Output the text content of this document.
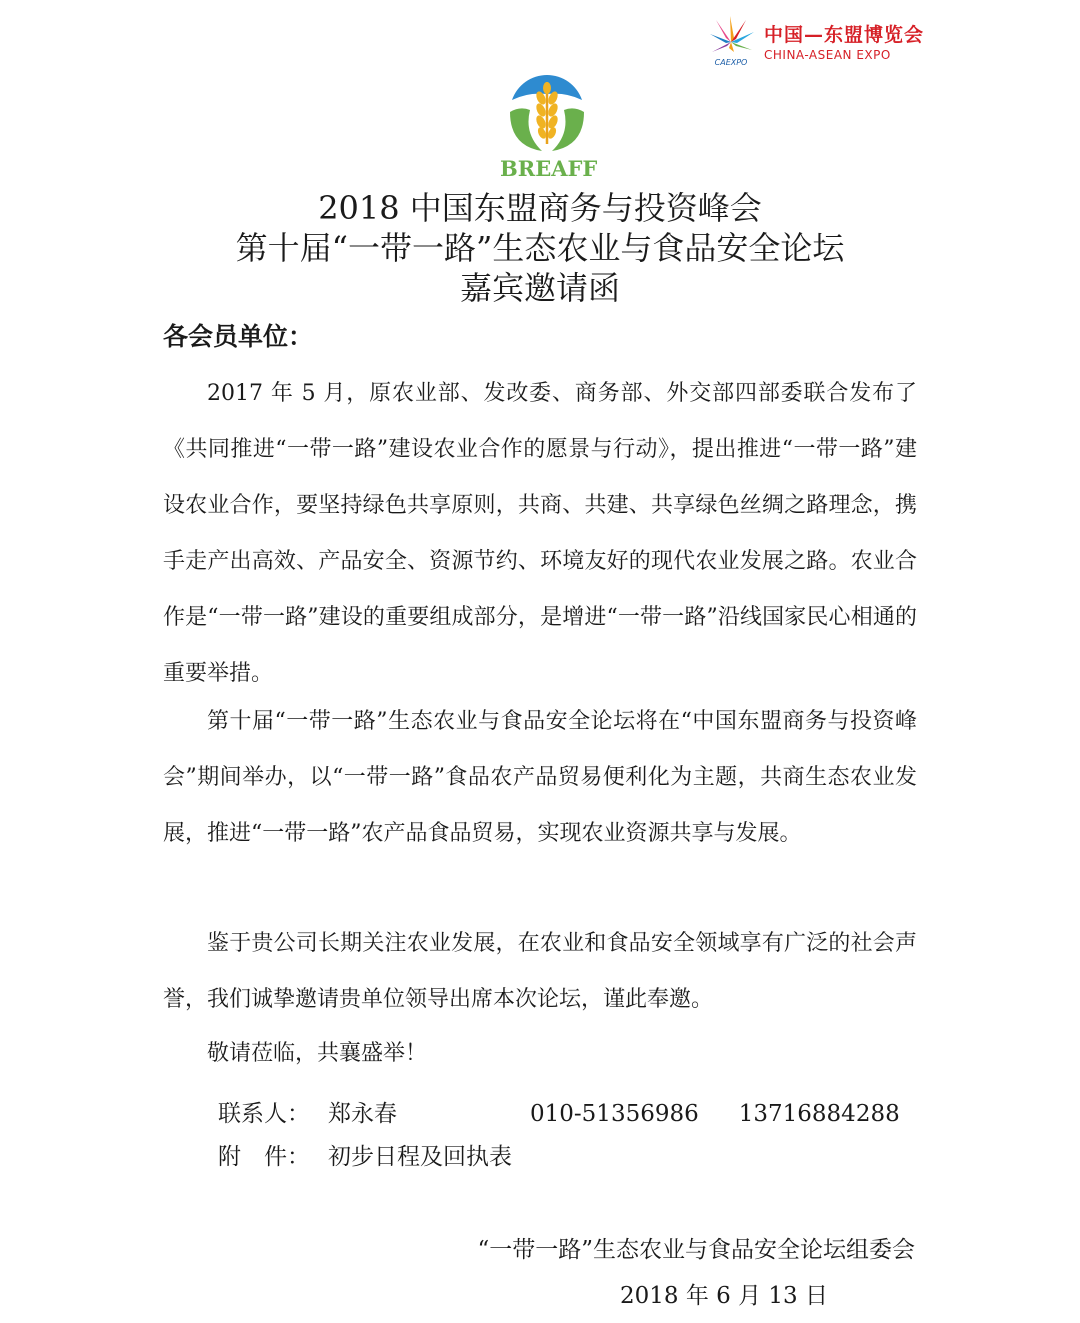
CAEXPO
中国—东盟博览会
CHINA-ASEAN EXPO
BREAFF
2018 中国东盟商务与投资峰会
第十届“一带一路”生态农业与食品安全论坛
嘉宾邀请函
各会员单位：

2017 年 5 月，原农业部、发改委、商务部、外交部四部委联合发布了《共同推进“一带一路”建设农业合作的愿景与行动》，提出推进“一带一路”建设农业合作，要坚持绿色共享原则，共商、共建、共享绿色丝绸之路理念，携手走产出高效、产品安全、资源节约、环境友好的现代农业发展之路。农业合作是“一带一路”建设的重要组成部分，是增进“一带一路”沿线国家民心相通的重要举措。

第十届“一带一路”生态农业与食品安全论坛将在“中国东盟商务与投资峰会”期间举办，以“一带一路”食品农产品贸易便利化为主题，共商生态农业发展，推进“一带一路”农产品食品贸易，实现农业资源共享与发展。

鉴于贵公司长期关注农业发展，在农业和食品安全领域享有广泛的社会声誉，我们诚挚邀请贵单位领导出席本次论坛，谨此奉邀。

敬请莅临，共襄盛举！

联系人： 郑永春	010-51356986 13716884288
附　件： 初步日程及回执表
“一带一路”生态农业与食品安全论坛组委会
2018 年 6 月 13 日
